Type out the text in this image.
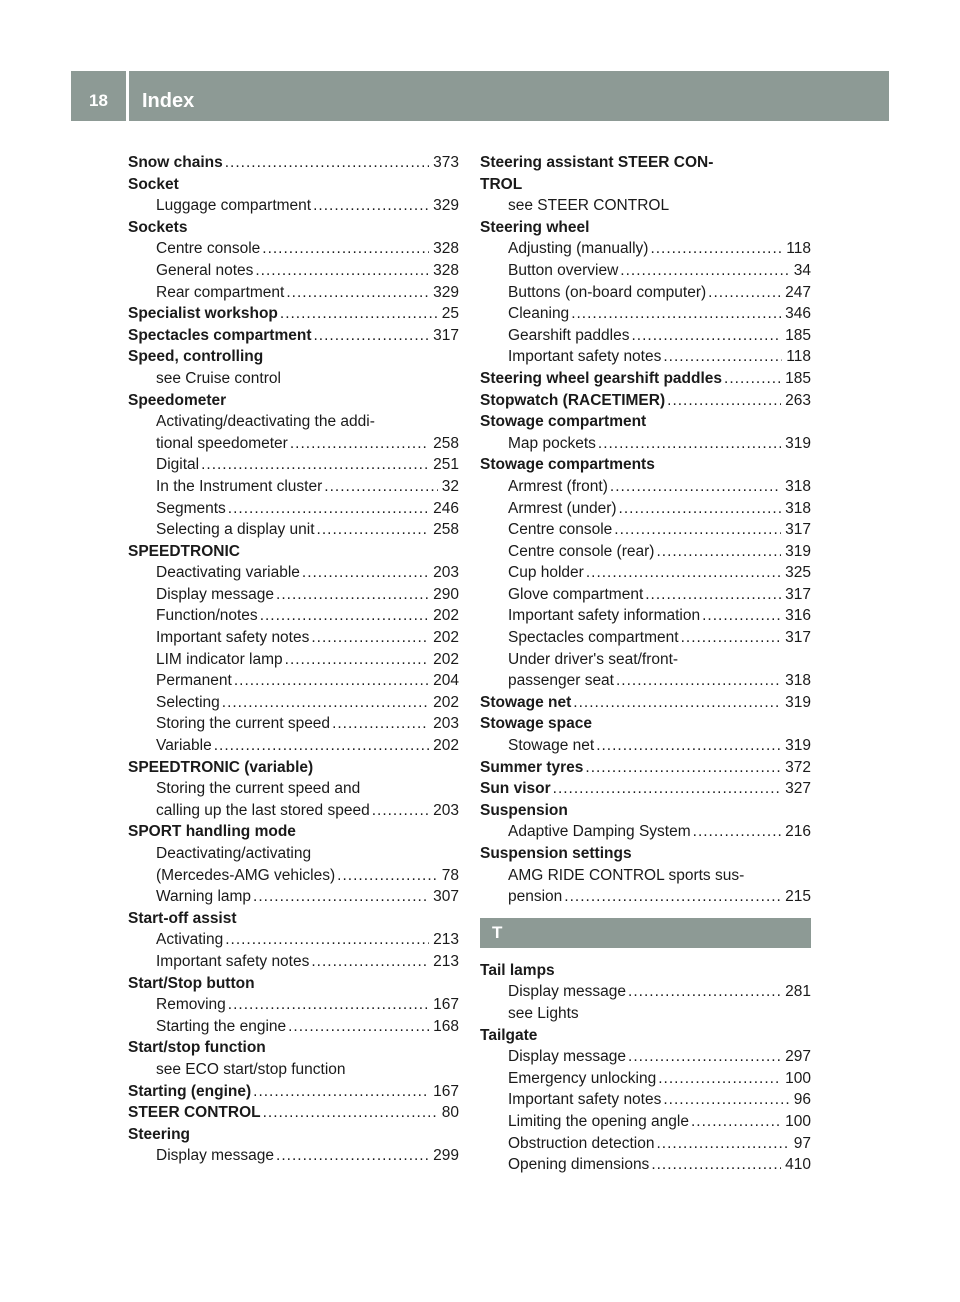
18	Index
Snow chains .....	373
Socket
Luggage compartment .....	329
Sockets
Centre console .....	328
General notes .....	328
Rear compartment .....	329
Specialist workshop .....	25
Spectacles compartment .....	317
Speed, controlling
see Cruise control
Speedometer
Activating/deactivating the addi-
tional speedometer .....	258
Digital .....	251
In the Instrument cluster .....	32
Segments .....	246
Selecting a display unit .....	258
SPEEDTRONIC
Deactivating variable .....	203
Display message .....	290
Function/notes .....	202
Important safety notes .....	202
LIM indicator lamp .....	202
Permanent .....	204
Selecting .....	202
Storing the current speed .....	203
Variable .....	202
SPEEDTRONIC (variable)
Storing the current speed and
calling up the last stored speed .....	203
SPORT handling mode
Deactivating/activating
(Mercedes-AMG vehicles) .....	78
Warning lamp .....	307
Start-off assist
Activating .....	213
Important safety notes .....	213
Start/Stop button
Removing .....	167
Starting the engine .....	168
Start/stop function
see ECO start/stop function
Starting (engine) .....	167
STEER CONTROL .....	80
Steering
Display message .....	299
Steering assistant STEER CON-
TROL
see STEER CONTROL
Steering wheel
Adjusting (manually) .....	118
Button overview .....	34
Buttons (on-board computer) .....	247
Cleaning .....	346
Gearshift paddles .....	185
Important safety notes .....	118
Steering wheel gearshift paddles .....	185
Stopwatch (RACETIMER) .....	263
Stowage compartment
Map pockets .....	319
Stowage compartments
Armrest (front) .....	318
Armrest (under) .....	318
Centre console .....	317
Centre console (rear) .....	319
Cup holder .....	325
Glove compartment .....	317
Important safety information .....	316
Spectacles compartment .....	317
Under driver's seat/front-
passenger seat .....	318
Stowage net .....	319
Stowage space
Stowage net .....	319
Summer tyres .....	372
Sun visor .....	327
Suspension
Adaptive Damping System .....	216
Suspension settings
AMG RIDE CONTROL sports sus-
pension .....	215
T
Tail lamps
Display message .....	281
see Lights
Tailgate
Display message .....	297
Emergency unlocking .....	100
Important safety notes .....	96
Limiting the opening angle .....	100
Obstruction detection .....	97
Opening dimensions .....	410
